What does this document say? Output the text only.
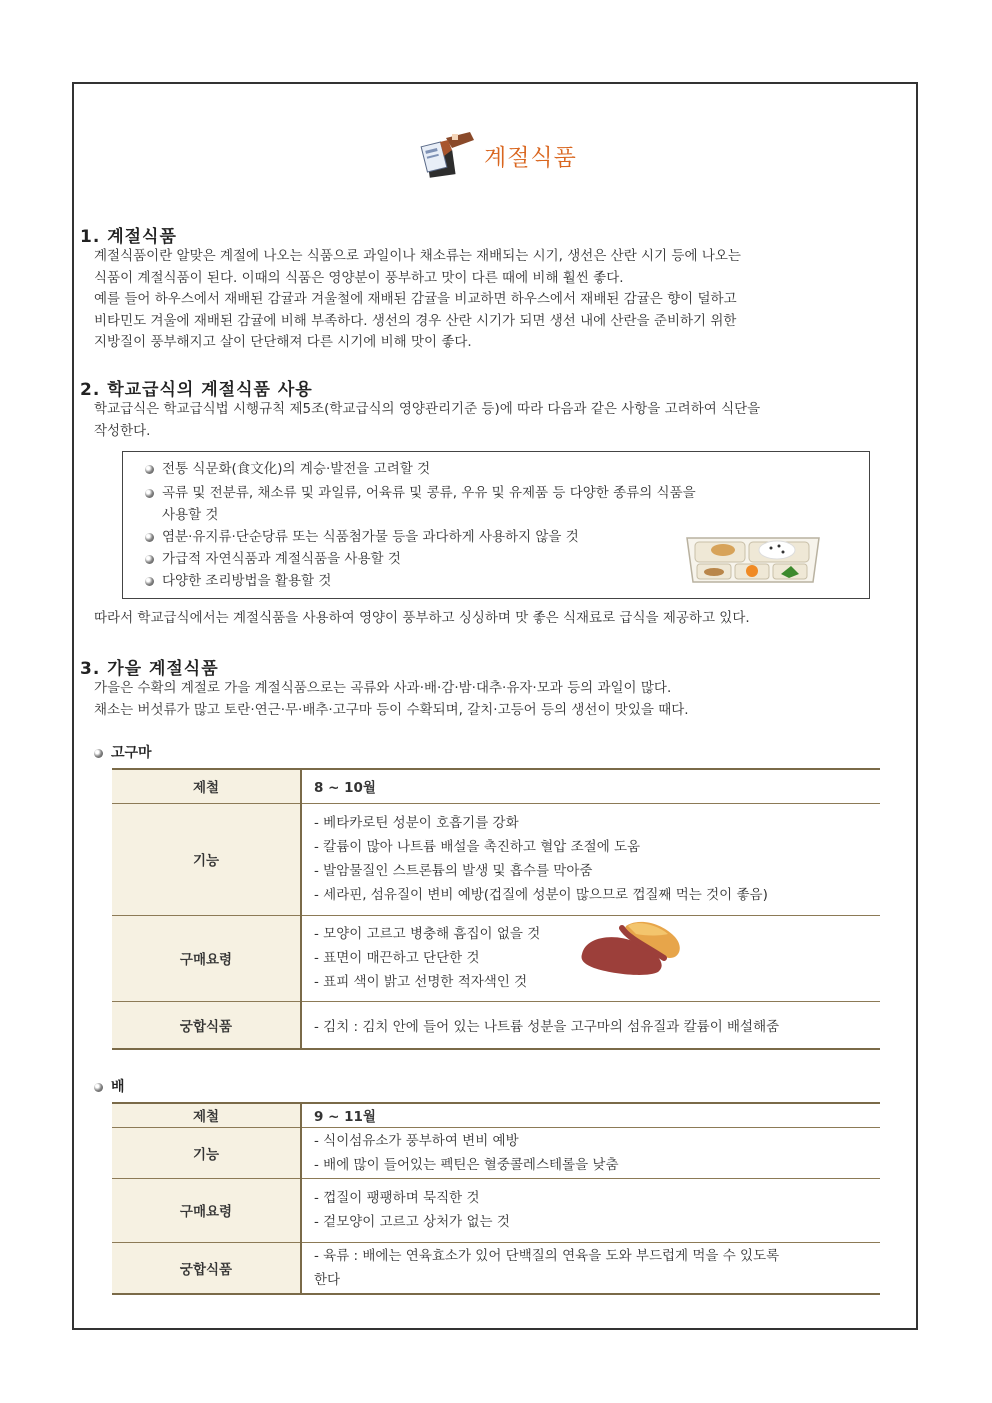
계절식품
1. 계절식품
계절식품이란 알맞은 계절에 나오는 식품으로 과일이나 채소류는 재배되는 시기, 생선은 산란 시기 등에 나오는
식품이 계절식품이 된다. 이때의 식품은 영양분이 풍부하고 맛이 다른 때에 비해 훨씬 좋다.
예를 들어 하우스에서 재배된 감귤과 겨울철에 재배된 감귤을 비교하면 하우스에서 재배된 감귤은 향이 덜하고
비타민도 겨울에 재배된 감귤에 비해 부족하다. 생선의 경우 산란 시기가 되면 생선 내에 산란을 준비하기 위한
지방질이 풍부해지고 살이 단단해져 다른 시기에 비해 맛이 좋다.
2. 학교급식의 계절식품 사용
학교급식은 학교급식법 시행규칙 제5조(학교급식의 영양관리기준 등)에 따라 다음과 같은 사항을 고려하여 식단을
작성한다.
전통 식문화(食文化)의 계승·발전을 고려할 것
곡류 및 전분류, 채소류 및 과일류, 어육류 및 콩류, 우유 및 유제품 등 다양한 종류의 식품을
사용할 것
염분·유지류·단순당류 또는 식품첨가물 등을 과다하게 사용하지 않을 것
가급적 자연식품과 계절식품을 사용할 것
다양한 조리방법을 활용할 것
따라서 학교급식에서는 계절식품을 사용하여 영양이 풍부하고 싱싱하며 맛 좋은 식재료로 급식을 제공하고 있다.
3. 가을 계절식품
가을은 수확의 계절로 가을 계절식품으로는 곡류와 사과·배·감·밤·대추·유자·모과 등의 과일이 많다.
채소는 버섯류가 많고 토란·연근·무·배추·고구마 등이 수확되며, 갈치·고등어 등의 생선이 맛있을 때다.
고구마
제철	8 ~ 10월
기능	- 베타카로틴 성분이 호흡기를 강화
- 칼륨이 많아 나트륨 배설을 촉진하고 혈압 조절에 도움
- 발암물질인 스트론튬의 발생 및 흡수를 막아줌
- 세라핀, 섬유질이 변비 예방(겁질에 성분이 많으므로 껍질째 먹는 것이 좋음)

구매요령	- 모양이 고르고 병충해 흠집이 없을 것
- 표면이 매끈하고 단단한 것
- 표피 색이 밝고 선명한 적자색인 것

궁합식품	- 김치 : 김치 안에 들어 있는 나트륨 성분을 고구마의 섬유질과 칼륨이 배설해줌
배
제철	9 ~ 11월
기능	- 식이섬유소가 풍부하여 변비 예방
- 배에 많이 들어있는 펙틴은 혈중콜레스테롤을 낮춤

구매요령	- 껍질이 팽팽하며 묵직한 것
- 겉모양이 고르고 상처가 없는 것

궁합식품	- 육류 : 배에는 연육효소가 있어 단백질의 연육을 도와 부드럽게 먹을 수 있도록
한다
